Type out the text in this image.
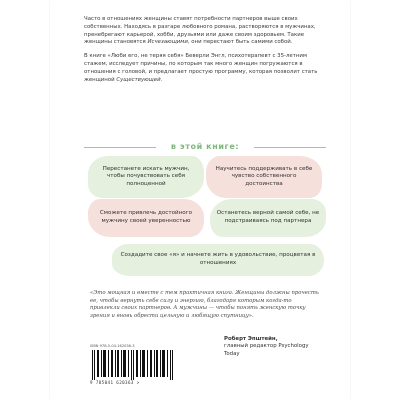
Часто в отношениях женщины ставят потребности партнеров выше своих собственных. Находясь в разгаре любовного романа, растворяются в мужчинах, пренебрегают карьерой, хобби, друзьями или даже своим здоровьем. Такие женщины становятся Исчезающими, они перестают быть самими собой.

В книге «Люби его, не теряя себя» Беверли Энгл, психотерапевт с 35-летним стажем, исследует причины, по которым так много женщин погружаются в отношения с головой, и предлагает простую программу, которая позволит стать женщиной Существующей.

в этой книге:
Перестанете искать мужчин, чтобы почувствовать себя полноценной
Научитесь поддерживать в себе чувство собственного достоинства
Сможете привлечь достойного мужчину своей уверенностью
Останетесь верной самой себе, не подстраиваясь под партнера
Создадите свое «я» и начнете жить в удовольствие, процветая в отношениях

«Это мощная и вместе с тем практичная книга. Женщины должны прочесть ее, чтобы вернуть себе силу и энергию, благодаря которым когда-то привлекли своих партнеров. А мужчины — чтобы понять женскую точку зрения и вновь обрести цельную и любящую спутницу».

Роберт Эпштейн,
главный редактор Psychology Today
ISBN 978-5-04-162036-3
9 785041 620363 >
